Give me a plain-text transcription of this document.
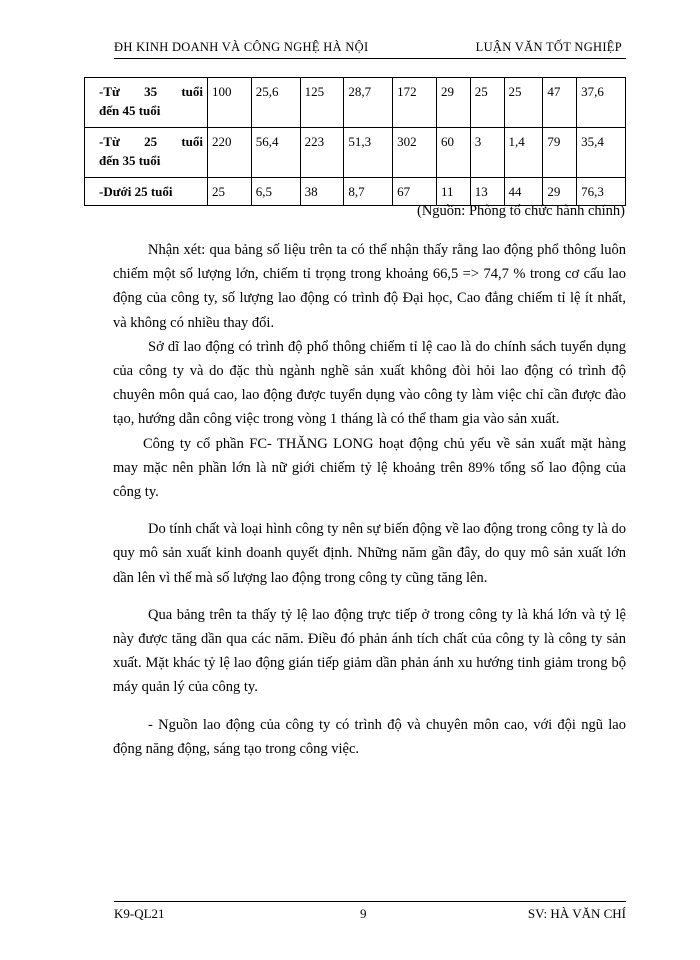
ĐH KINH DOANH VÀ CÔNG NGHỆ HÀ NỘI	LUẬN VĂN TỐT NGHIỆP
-Từ 35 tuổi
đến 45 tuổi	100	25,6	125	28,7	172	29	25	25	47	37,6

-Từ 25 tuổi
đến 35 tuổi	220	56,4	223	51,3	302	60	3	1,4	79	35,4
-Dưới 25 tuổi	25	6,5	38	8,7	67	11	13	44	29	76,3
(Nguồn: Phòng tổ chức hành chính)

Nhận xét: qua bảng số liệu trên ta có thể nhận thấy rằng lao động phổ thông luôn chiếm một số lượng lớn, chiếm tỉ trọng trong khoảng 66,5 => 74,7 % trong cơ cấu lao động của công ty, số lượng lao động có trình độ Đại học, Cao đẳng chiếm tỉ lệ ít nhất, và không có nhiều thay đổi.

Sở dĩ lao động có trình độ phổ thông chiếm tỉ lệ cao là do chính sách tuyển dụng của công ty và do đặc thù ngành nghề sản xuất không đòi hỏi lao động có trình độ chuyên môn quá cao, lao động được tuyển dụng vào công ty làm việc chỉ cần được đào tạo, hướng dẫn công việc trong vòng 1 tháng là có thể tham gia vào sản xuất.

Công ty cổ phần FC- THĂNG LONG hoạt động chủ yếu về sản xuất mặt hàng may mặc nên phần lớn là nữ giới chiếm tỷ lệ khoảng trên 89% tổng số lao động của công ty.

Do tính chất và loại hình công ty nên sự biến động về lao động trong công ty là do quy mô sản xuất kinh doanh quyết định. Những năm gần đây, do quy mô sản xuất lớn dần lên vì thế mà số lượng lao động trong công ty cũng tăng lên.

Qua bảng trên ta thấy tỷ lệ lao động trực tiếp ở trong công ty là khá lớn và tỷ lệ này được tăng dần qua các năm. Điều đó phản ánh tích chất của công ty là công ty sản xuất. Mặt khác tỷ lệ lao động gián tiếp giảm dần phản ánh xu hướng tinh giảm trong bộ máy quản lý của công ty.

- Nguồn lao động của công ty có trình độ và chuyên môn cao, với đội ngũ lao động năng động, sáng tạo trong công việc.

K9-QL21	9	SV: HÀ VĂN CHÍ
